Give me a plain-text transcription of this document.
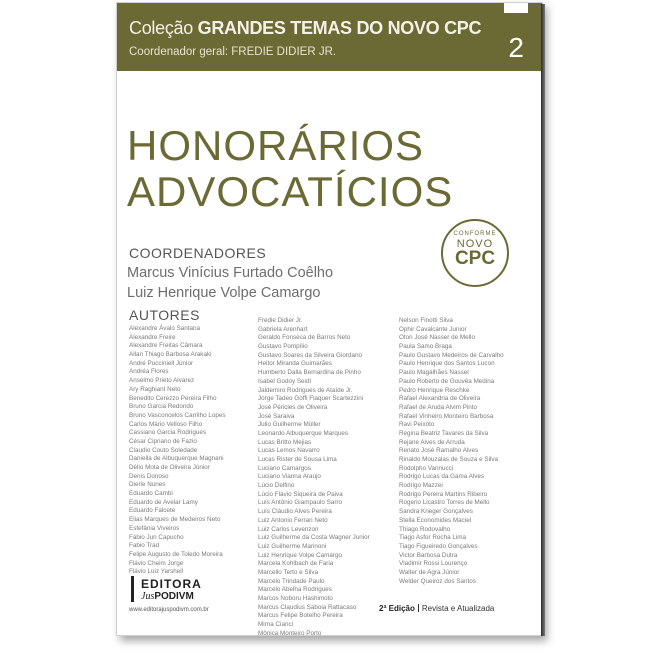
Coleção GRANDES TEMAS DO NOVO CPC
Coordenador geral: FREDIE DIDIER JR.	2
HONORÁRIOS
ADVOCATÍCIOS
COORDENADORES
Marcus Vinícius Furtado Coêlho
Luiz Henrique Volpe Camargo
CONFORME
NOVO
CPC
AUTORES
Alexandre Ávalo Santana
Alexandre Freire
Alexandre Freitas Câmara
Allan Thiago Barbosa Arakaki
André Pucciniell Júnior
Andréa Flores
Anselmo Prieto Alvarez
Ary Raghiant Neto
Benedito Cerezzo Pereira Filho
Bruno Garcia Redondo
Bruno Vasconcelos Carrilho Lopes
Carlos Mário Velloso Filho
Cassiano Garcia Rodrigues
César Cipriano de Fazio
Claudio Couto Soledade
Daniella de Albuquerque Magnani
Délio Mota de Oliveira Júnior
Denis Donoso
Dierle Nunes
Eduardo Cambi
Eduardo de Avelar Lamy
Eduardo Falcete
Elias Marques de Medeiros Neto
Estefânia Viveiros
Fábio Jun Capucho
Fabio Trad
Felipe Augusto de Toledo Moreira
Flávio Cheim Jorge
Flávio Luiz Yarshell
Fredie Didier Jr.
Gabriela Arenhart
Geraldo Fonseca de Barros Neto
Gustavo Pompílio
Gustavo Soares da Silveira Giordano
Heitor Miranda Guimarães
Humberto Dalla Bernardina de Pinho
Isabel Godoy Seidl
Jaldemiro Rodrigues de Ataíde Jr.
Jorge Tadeo Goffi Flaquer Scartezzini
José Péricles de Oliveira
José Saraiva
Julio Guilherme Müller
Leonardo Albuquerque Marques
Lucas Britto Mejias
Lucas Lemos Navarro
Lucas Rister de Sousa Lima
Luciano Camargos
Luciano Vianna Araújo
Lúcio Delfino
Lúcio Flávio Siqueira de Paiva
Luís Antônio Giampaulo Sarro
Luís Cláudio Alves Pereira
Luiz Antonio Ferrari Neto
Luiz Carlos Levenzon
Luiz Guilherme da Costa Wagner Junior
Luiz Guilherme Marinoni
Luiz Henrique Volpe Camargo
Marcela Kohlbach de Faria
Marcello Terto e Silva
Marcelo Trindade Paulo
Marcelo Abelha Rodrigues
Marcos Noboru Hashimoto
Marcus Claudius Saboia Rattacaso
Marcus Felipe Botelho Pereira
Mirna Cianci
Mônica Monteiro Porto
Nelson Finotti Silva
Ophir Cavalcante Junior
Oton José Nasser de Mello
Paula Samo Braga
Paulo Gustavo Medeiros de Carvalho
Paulo Henrique dos Santos Lucon
Paulo Magalhães Nasser
Paulo Roberto de Gouvêa Medina
Pedro Henrique Reschke
Rafael Alexandria de Oliveira
Rafael de Aruda Alvim Pinto
Rafael Vinheiro Monteiro Barbosa
Ravi Peixoto
Regina Beatriz Tavares da Silva
Rejane Alves de Arruda
Renato José Ramalho Alves
Rinaldo Mouzalas de Souza e Silva
Rodolpho Vannucci
Rodrigo Lucas da Gama Alves
Rodrigo Mazzei
Rodrigo Pereira Martins Ribeiro
Rogerio Licastro Torres de Mello
Sandra Krieger Gonçalves
Stella Economides Maciel
Thiago Rodovalho
Tiago Asfor Rocha Lima
Tiago Figueiredo Gonçalves
Victor Barbosa Dutra
Vladimir Rossi Lourenço
Walter de Agra Júnior
Welder Queiroz dos Santos
EDITORA
JusPODIVM
www.editorajuspodivm.com.br	2ª Edição Revista e Atualizada
